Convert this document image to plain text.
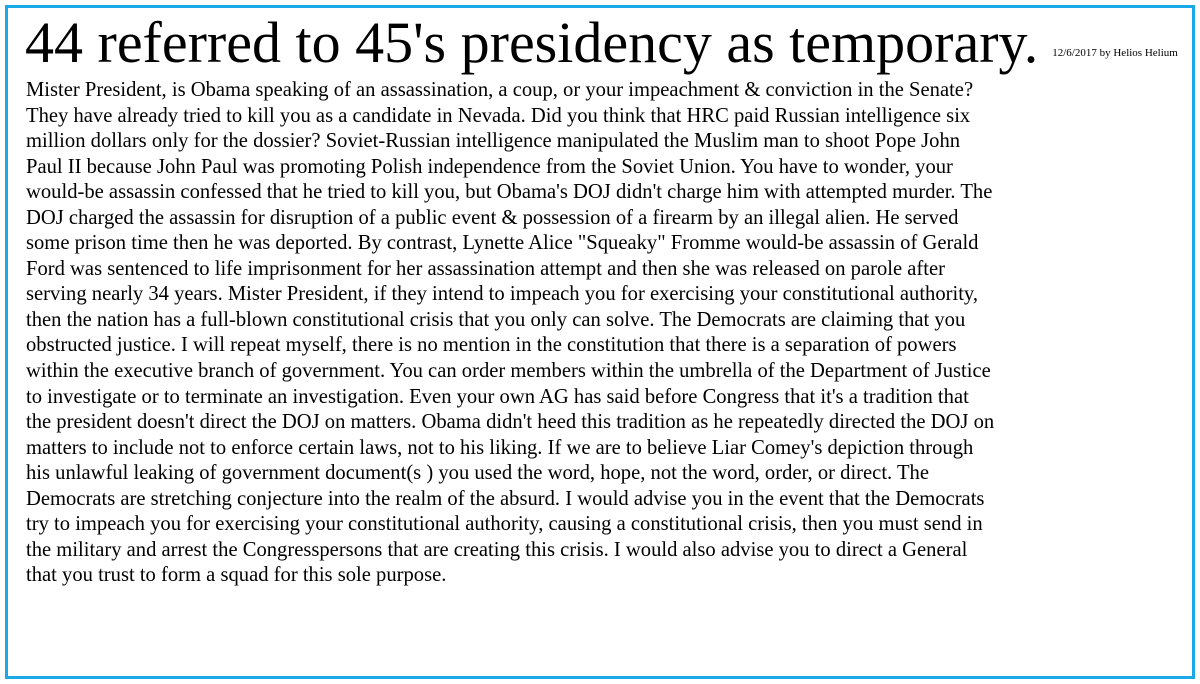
44 referred to 45's presidency as temporary. 12/6/2017 by Helios Helium

Mister President, is Obama speaking of an assassination, a coup, or your impeachment & conviction in the Senate?
They have already tried to kill you as a candidate in Nevada. Did you think that HRC paid Russian intelligence six
million dollars only for the dossier? Soviet-Russian intelligence manipulated the Muslim man to shoot Pope John
Paul II because John Paul was promoting Polish independence from the Soviet Union. You have to wonder, your
would-be assassin confessed that he tried to kill you, but Obama's DOJ didn't charge him with attempted murder. The
DOJ charged the assassin for disruption of a public event & possession of a firearm by an illegal alien. He served
some prison time then he was deported. By contrast, Lynette Alice "Squeaky" Fromme would-be assassin of Gerald
Ford was sentenced to life imprisonment for her assassination attempt and then she was released on parole after
serving nearly 34 years. Mister President, if they intend to impeach you for exercising your constitutional authority,
then the nation has a full-blown constitutional crisis that you only can solve. The Democrats are claiming that you
obstructed justice. I will repeat myself, there is no mention in the constitution that there is a separation of powers
within the executive branch of government. You can order members within the umbrella of the Department of Justice
to investigate or to terminate an investigation. Even your own AG has said before Congress that it's a tradition that
the president doesn't direct the DOJ on matters. Obama didn't heed this tradition as he repeatedly directed the DOJ on
matters to include not to enforce certain laws, not to his liking. If we are to believe Liar Comey's depiction through
his unlawful leaking of government document(s ) you used the word, hope, not the word, order, or direct. The
Democrats are stretching conjecture into the realm of the absurd. I would advise you in the event that the Democrats
try to impeach you for exercising your constitutional authority, causing a constitutional crisis, then you must send in
the military and arrest the Congresspersons that are creating this crisis. I would also advise you to direct a General
that you trust to form a squad for this sole purpose.
